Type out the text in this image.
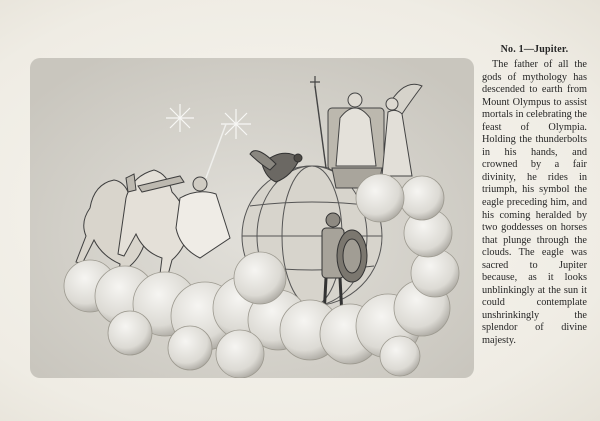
No. 1—Jupiter.

The father of all the gods of mythology has descended to earth from Mount Olympus to assist mortals in celebrating the feast of Olympia. Holding the thunderbolts in his hands, and crowned by a fair divinity, he rides in triumph, his symbol the eagle preceding him, and his coming heralded by two goddesses on horses that plunge through the clouds. The eagle was sacred to Jupiter because, as it looks unblinkingly at the sun it could contemplate unshrinkingly the splendor of divine majesty.
